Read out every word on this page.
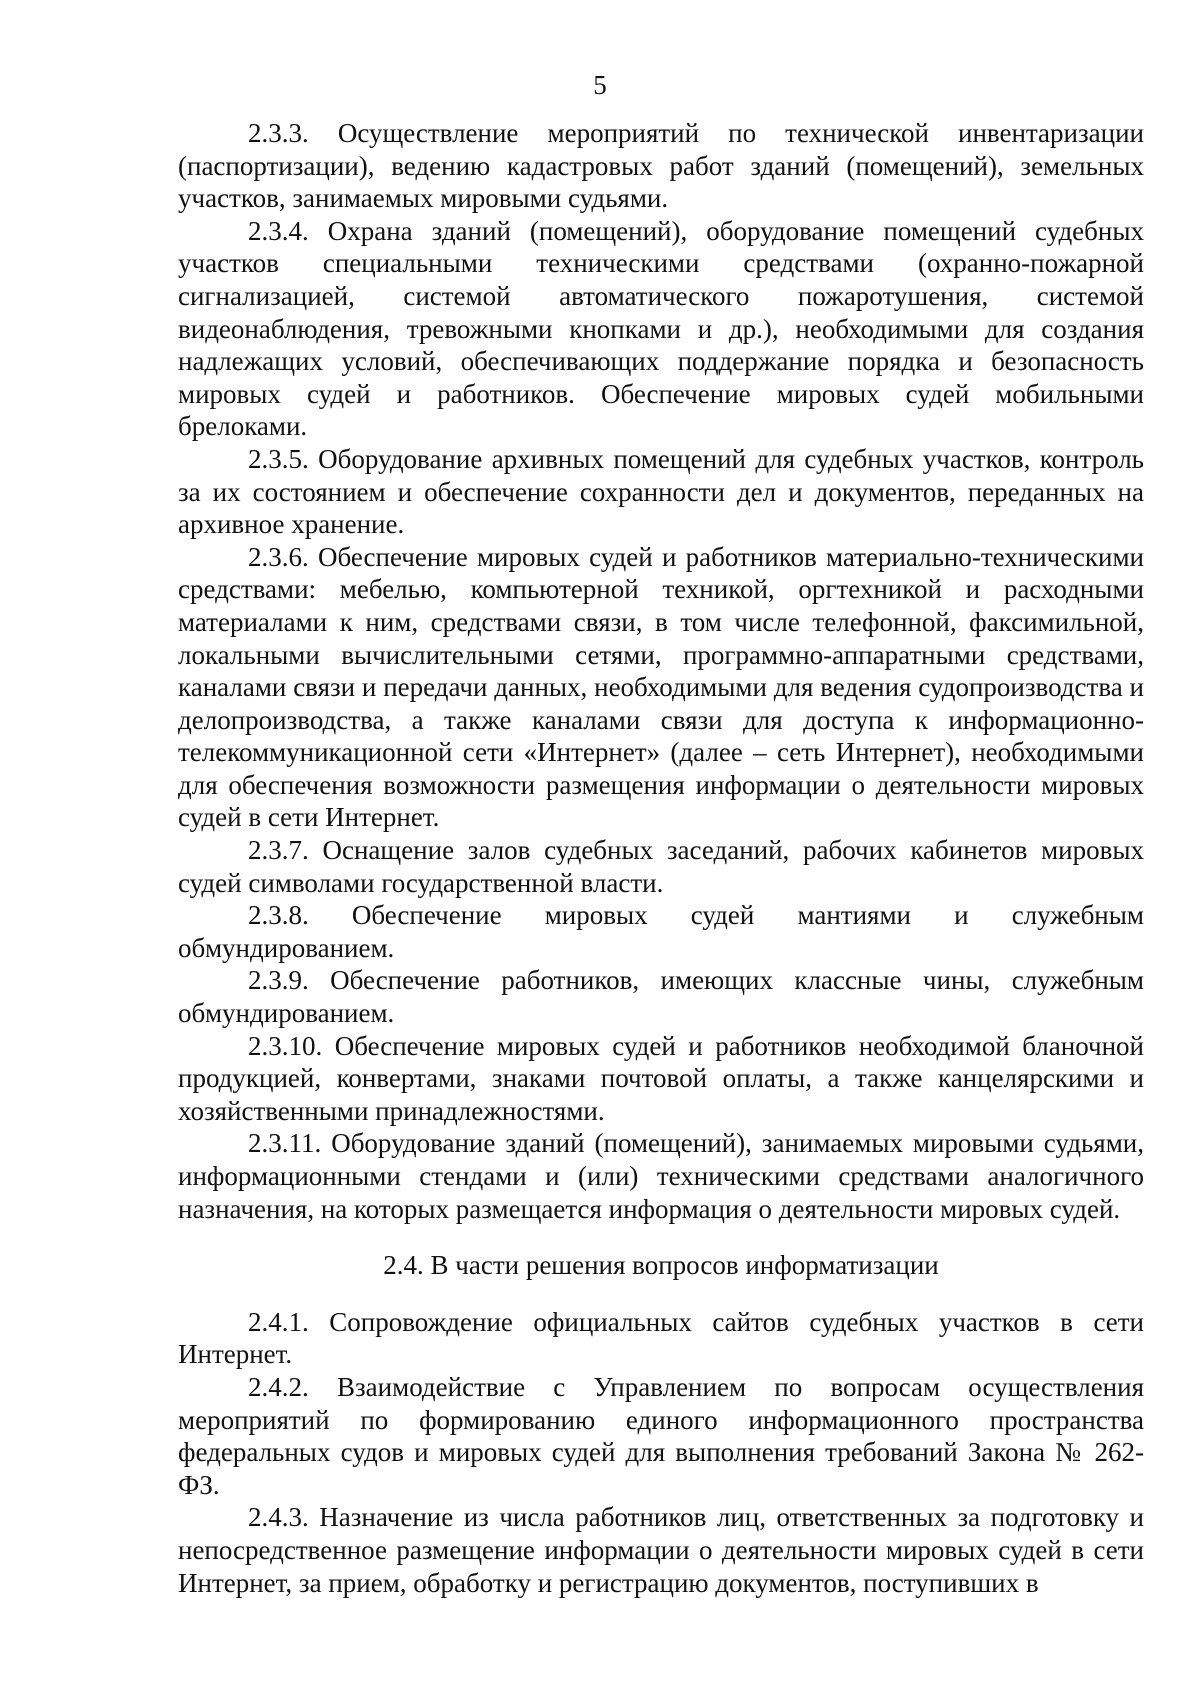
5

2.3.3. Осуществление мероприятий по технической инвентаризации (паспортизации), ведению кадастровых работ зданий (помещений), земельных участков, занимаемых мировыми судьями.

2.3.4. Охрана зданий (помещений), оборудование помещений судебных участков специальными техническими средствами (охранно-пожарной сигнализацией, системой автоматического пожаротушения, системой видеонаблюдения, тревожными кнопками и др.), необходимыми для создания надлежащих условий, обеспечивающих поддержание порядка и безопасность мировых судей и работников. Обеспечение мировых судей мобильными брелоками.

2.3.5. Оборудование архивных помещений для судебных участков, контроль за их состоянием и обеспечение сохранности дел и документов, переданных на архивное хранение.

2.3.6. Обеспечение мировых судей и работников материально-техническими средствами: мебелью, компьютерной техникой, оргтехникой и расходными материалами к ним, средствами связи, в том числе телефонной, факсимильной, локальными вычислительными сетями, программно-аппаратными средствами, каналами связи и передачи данных, необходимыми для ведения судопроизводства и делопроизводства, а также каналами связи для доступа к информационно-телекоммуникационной сети «Интернет» (далее – сеть Интернет), необходимыми для обеспечения возможности размещения информации о деятельности мировых судей в сети Интернет.

2.3.7. Оснащение залов судебных заседаний, рабочих кабинетов мировых судей символами государственной власти.

2.3.8. Обеспечение мировых судей мантиями и служебным обмундированием.

2.3.9. Обеспечение работников, имеющих классные чины, служебным обмундированием.

2.3.10. Обеспечение мировых судей и работников необходимой бланочной продукцией, конвертами, знаками почтовой оплаты, а также канцелярскими и хозяйственными принадлежностями.

2.3.11. Оборудование зданий (помещений), занимаемых мировыми судьями, информационными стендами и (или) техническими средствами аналогичного назначения, на которых размещается информация о деятельности мировых судей.

2.4. В части решения вопросов информатизации

2.4.1. Сопровождение официальных сайтов судебных участков в сети Интернет.

2.4.2. Взаимодействие с Управлением по вопросам осуществления мероприятий по формированию единого информационного пространства федеральных судов и мировых судей для выполнения требований Закона № 262-ФЗ.

2.4.3. Назначение из числа работников лиц, ответственных за подготовку и непосредственное размещение информации о деятельности мировых судей в сети Интернет, за прием, обработку и регистрацию документов, поступивших в
